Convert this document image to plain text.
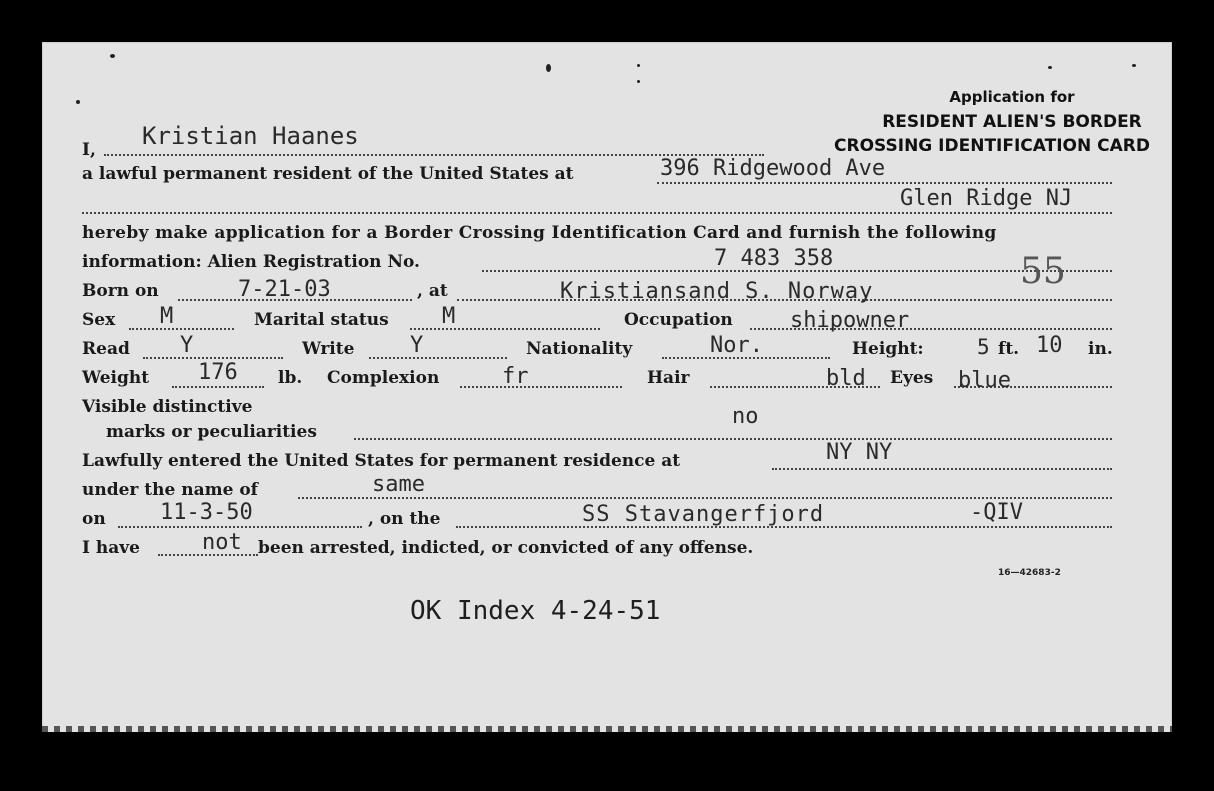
Application for
RESIDENT ALIEN'S BORDER
CROSSING IDENTIFICATION CARD
I, Kristian Haanes
a lawful permanent resident of the United States at	396 Ridgewood Ave
Glen Ridge NJ
hereby make application for a Border Crossing Identification Card and furnish the following
information: Alien Registration No.	7 483 358	55
Born on	7-21-03	, at	Kristiansand S. Norway
Sex M	Marital status M	Occupation	shipowner
Read Y	Write	Y	Nationality	Nor.	Height:	5 ft. 10 in.
Weight 176 lb. Complexion	fr	Hair	bld Eyes blue
Visible distinctive
marks or peculiarities
no
Lawfully entered the United States for permanent residence at	NY NY
under the name of	same
on 11-3-50	, on the	SS Stavangerfjord	-QIV
I have	not been arrested, indicted, or convicted of any offense.
16—42683-2
OK Index 4-24-51
